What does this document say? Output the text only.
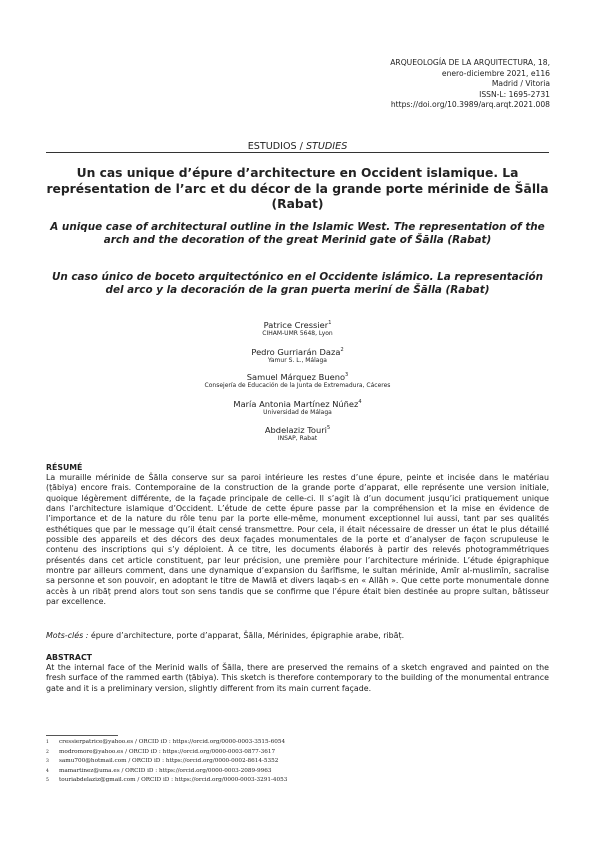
ARQUEOLOGÍA DE LA ARQUITECTURA, 18,
enero-diciembre 2021, e116
Madrid / Vitoria
ISSN-L: 1695-2731
https://doi.org/10.3989/arq.arqt.2021.008
ESTUDIOS / STUDIES
Un cas unique d’épure d’architecture en Occident islamique. La représentation de l’arc et du décor de la grande porte mérinide de Šālla (Rabat)
A unique case of architectural outline in the Islamic West. The representation of the arch and the decoration of the great Merinid gate of Šālla (Rabat)
Un caso único de boceto arquitectónico en el Occidente islámico. La representación del arco y la decoración de la gran puerta meriní de Šālla (Rabat)
Patrice Cressier$^1$
CIHAM-UMR 5648, Lyon
Pedro Gurriarán Daza$^2$
Yamur S. L., Málaga
Samuel Márquez Bueno$^3$
Consejería de Educación de la Junta de Extremadura, Cáceres
María Antonia Martínez Núñez$^4$
Universidad de Málaga
Abdelaziz Touri$^5$
INSAP, Rabat
RÉSUMÉ
La muraille mérinide de Šālla conserve sur sa paroi intérieure les restes d’une épure, peinte et incisée dans le matériau (ṭābiya) encore frais. Contemporaine de la construction de la grande porte d’apparat, elle représente une version initiale, quoique légèrement différente, de la façade principale de celle-ci. Il s’agit là d’un document jusqu’ici pratiquement unique dans l’architecture islamique d’Occident. L’étude de cette épure passe par la compréhension et la mise en évidence de l’importance et de la nature du rôle tenu par la porte elle-même, monument exceptionnel lui aussi, tant par ses qualités esthétiques que par le message qu’il était censé transmettre. Pour cela, il était nécessaire de dresser un état le plus détaillé possible des appareils et des décors des deux façades monumentales de la porte et d’analyser de façon scrupuleuse le contenu des inscriptions qui s’y déploient. À ce titre, les documents élaborés à partir des relevés photogrammétriques présentés dans cet article constituent, par leur précision, une première pour l’architecture mérinide. L’étude épigraphique montre par ailleurs comment, dans une dynamique d’expansion du šarīfisme, le sultan mérinide, Amīr al-muslimīn, sacralise sa personne et son pouvoir, en adoptant le titre de Mawlā et divers laqab-s en « Allāh ». Que cette porte monumentale donne accès à un ribāṭ prend alors tout son sens tandis que se confirme que l’épure était bien destinée au propre sultan, bâtisseur par excellence.
Mots-clés : épure d’architecture, porte d’apparat, Šālla, Mérinides, épigraphie arabe, ribāṭ.
ABSTRACT
At the internal face of the Merinid walls of Šālla, there are preserved the remains of a sketch engraved and painted on the fresh surface of the rammed earth (ṭābiya). This sketch is therefore contemporary to the building of the monumental entrance gate and it is a preliminary version, slightly different from its main current façade.
$^1$ cressierpatrice@yahoo.es / ORCID iD : https://orcid.org/0000-0003-3515-6054
$^2$ modromore@yahoo.es / ORCID iD : https://orcid.org/0000-0003-0877-3617
$^3$ samu700@hotmail.com / ORCID iD : https://orcid.org/0000-0002-8614-5352
$^4$ mamartinez@uma.es / ORCID iD : https://orcid.org/0000-0003-2089-9963
$^5$ touriabdelaziz@gmail.com / ORCID iD : https://orcid.org/0000-0003-3291-4053
